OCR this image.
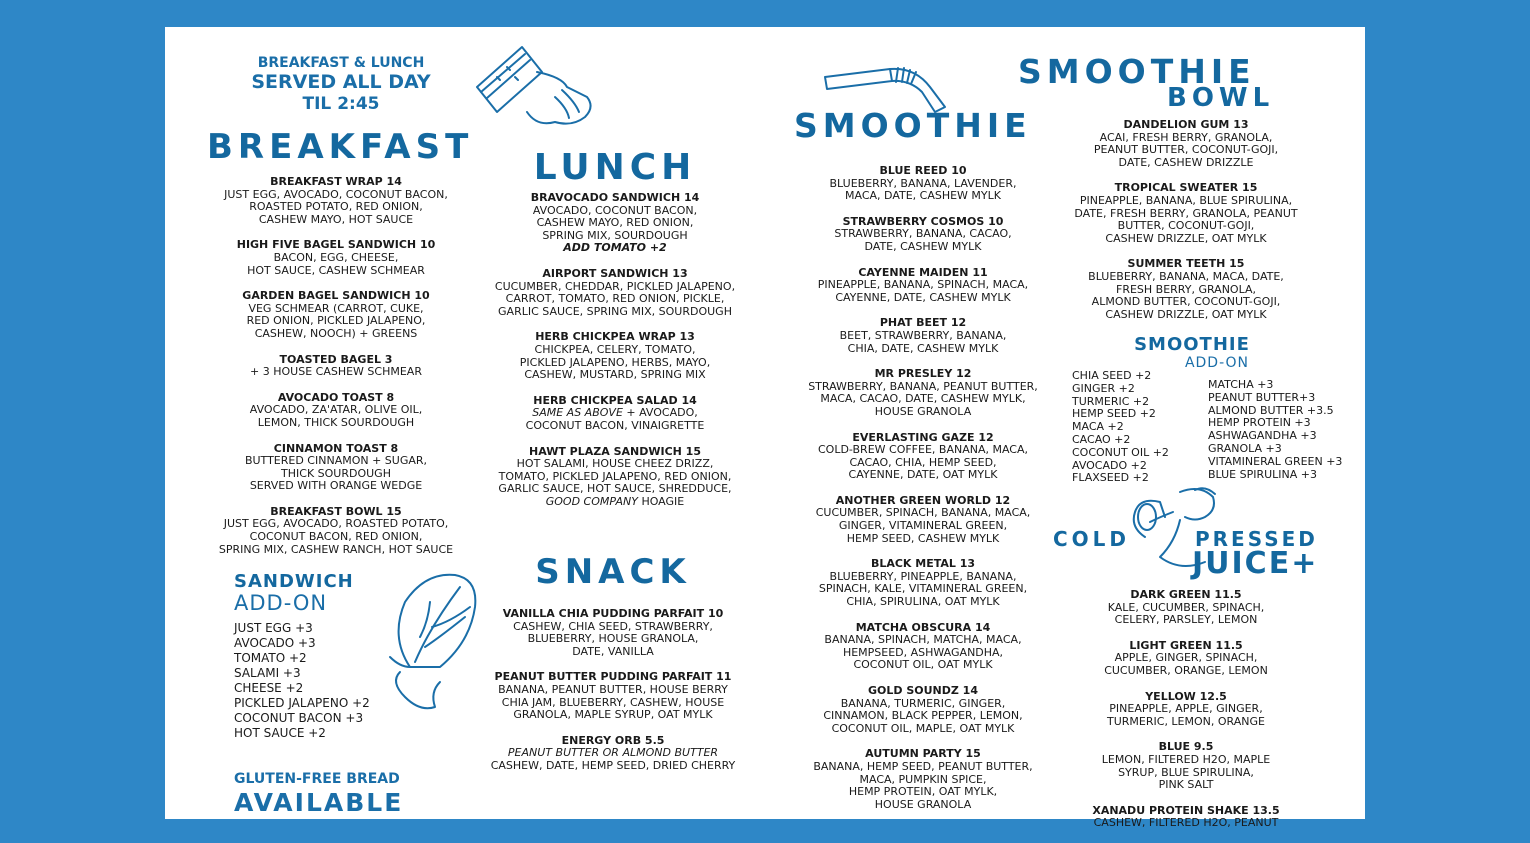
BREAKFAST & LUNCH
SERVED ALL DAY
TIL 2:45
BREAKFAST
BREAKFAST WRAP 14
JUST EGG, AVOCADO, COCONUT BACON,
ROASTED POTATO, RED ONION,
CASHEW MAYO, HOT SAUCE
HIGH FIVE BAGEL SANDWICH 10
BACON, EGG, CHEESE,
HOT SAUCE, CASHEW SCHMEAR
GARDEN BAGEL SANDWICH 10
VEG SCHMEAR (CARROT, CUKE,
RED ONION, PICKLED JALAPENO,
CASHEW, NOOCH) + GREENS
TOASTED BAGEL 3
+ 3 HOUSE CASHEW SCHMEAR
AVOCADO TOAST 8
AVOCADO, ZA'ATAR, OLIVE OIL,
LEMON, THICK SOURDOUGH
CINNAMON TOAST 8
BUTTERED CINNAMON + SUGAR,
THICK SOURDOUGH
SERVED WITH ORANGE WEDGE
BREAKFAST BOWL 15
JUST EGG, AVOCADO, ROASTED POTATO,
COCONUT BACON, RED ONION,
SPRING MIX, CASHEW RANCH, HOT SAUCE
SANDWICH
ADD-ON
JUST EGG +3
AVOCADO +3
TOMATO +2
SALAMI +3
CHEESE +2
PICKLED JALAPENO +2
COCONUT BACON +3
HOT SAUCE +2
GLUTEN-FREE BREAD
AVAILABLE
LUNCH
BRAVOCADO SANDWICH 14
AVOCADO, COCONUT BACON,
CASHEW MAYO, RED ONION,
SPRING MIX, SOURDOUGH
ADD TOMATO +2
AIRPORT SANDWICH 13
CUCUMBER, CHEDDAR, PICKLED JALAPENO,
CARROT, TOMATO, RED ONION, PICKLE,
GARLIC SAUCE, SPRING MIX, SOURDOUGH
HERB CHICKPEA WRAP 13
CHICKPEA, CELERY, TOMATO,
PICKLED JALAPENO, HERBS, MAYO,
CASHEW, MUSTARD, SPRING MIX
HERB CHICKPEA SALAD 14
SAME AS ABOVE + AVOCADO,
COCONUT BACON, VINAIGRETTE
HAWT PLAZA SANDWICH 15
HOT SALAMI, HOUSE CHEEZ DRIZZ,
TOMATO, PICKLED JALAPENO, RED ONION,
GARLIC SAUCE, HOT SAUCE, SHREDDUCE,
GOOD COMPANY HOAGIE
SNACK
VANILLA CHIA PUDDING PARFAIT 10
CASHEW, CHIA SEED, STRAWBERRY,
BLUEBERRY, HOUSE GRANOLA,
DATE, VANILLA
PEANUT BUTTER PUDDING PARFAIT 11
BANANA, PEANUT BUTTER, HOUSE BERRY
CHIA JAM, BLUEBERRY, CASHEW, HOUSE
GRANOLA, MAPLE SYRUP, OAT MYLK
ENERGY ORB 5.5
PEANUT BUTTER OR ALMOND BUTTER
CASHEW, DATE, HEMP SEED, DRIED CHERRY
SMOOTHIE
BLUE REED 10
BLUEBERRY, BANANA, LAVENDER,
MACA, DATE, CASHEW MYLK
STRAWBERRY COSMOS 10
STRAWBERRY, BANANA, CACAO,
DATE, CASHEW MYLK
CAYENNE MAIDEN 11
PINEAPPLE, BANANA, SPINACH, MACA,
CAYENNE, DATE, CASHEW MYLK
PHAT BEET 12
BEET, STRAWBERRY, BANANA,
CHIA, DATE, CASHEW MYLK
MR PRESLEY 12
STRAWBERRY, BANANA, PEANUT BUTTER,
MACA, CACAO, DATE, CASHEW MYLK,
HOUSE GRANOLA
EVERLASTING GAZE 12
COLD-BREW COFFEE, BANANA, MACA,
CACAO, CHIA, HEMP SEED,
CAYENNE, DATE, OAT MYLK
ANOTHER GREEN WORLD 12
CUCUMBER, SPINACH, BANANA, MACA,
GINGER, VITAMINERAL GREEN,
HEMP SEED, CASHEW MYLK
BLACK METAL 13
BLUEBERRY, PINEAPPLE, BANANA,
SPINACH, KALE, VITAMINERAL GREEN,
CHIA, SPIRULINA, OAT MYLK
MATCHA OBSCURA 14
BANANA, SPINACH, MATCHA, MACA,
HEMPSEED, ASHWAGANDHA,
COCONUT OIL, OAT MYLK
GOLD SOUNDZ 14
BANANA, TURMERIC, GINGER,
CINNAMON, BLACK PEPPER, LEMON,
COCONUT OIL, MAPLE, OAT MYLK
AUTUMN PARTY 15
BANANA, HEMP SEED, PEANUT BUTTER,
MACA, PUMPKIN SPICE,
HEMP PROTEIN, OAT MYLK,
HOUSE GRANOLA
SMOOTHIE
BOWL
DANDELION GUM 13
ACAI, FRESH BERRY, GRANOLA,
PEANUT BUTTER, COCONUT-GOJI,
DATE, CASHEW DRIZZLE
TROPICAL SWEATER 15
PINEAPPLE, BANANA, BLUE SPIRULINA,
DATE, FRESH BERRY, GRANOLA, PEANUT
BUTTER, COCONUT-GOJI,
CASHEW DRIZZLE, OAT MYLK
SUMMER TEETH 15
BLUEBERRY, BANANA, MACA, DATE,
FRESH BERRY, GRANOLA,
ALMOND BUTTER, COCONUT-GOJI,
CASHEW DRIZZLE, OAT MYLK
SMOOTHIE
ADD-ON
CHIA SEED +2
GINGER +2
TURMERIC +2
HEMP SEED +2
MACA +2
CACAO +2
COCONUT OIL +2
AVOCADO +2
FLAXSEED +2
MATCHA +3
PEANUT BUTTER+3
ALMOND BUTTER +3.5
HEMP PROTEIN +3
ASHWAGANDHA +3
GRANOLA +3
VITAMINERAL GREEN +3
BLUE SPIRULINA +3
COLD	PRESSED
JUICE+
DARK GREEN 11.5
KALE, CUCUMBER, SPINACH,
CELERY, PARSLEY, LEMON
LIGHT GREEN 11.5
APPLE, GINGER, SPINACH,
CUCUMBER, ORANGE, LEMON
YELLOW 12.5
PINEAPPLE, APPLE, GINGER,
TURMERIC, LEMON, ORANGE
BLUE 9.5
LEMON, FILTERED H2O, MAPLE
SYRUP, BLUE SPIRULINA,
PINK SALT
XANADU PROTEIN SHAKE 13.5
CASHEW, FILTERED H2O, PEANUT
